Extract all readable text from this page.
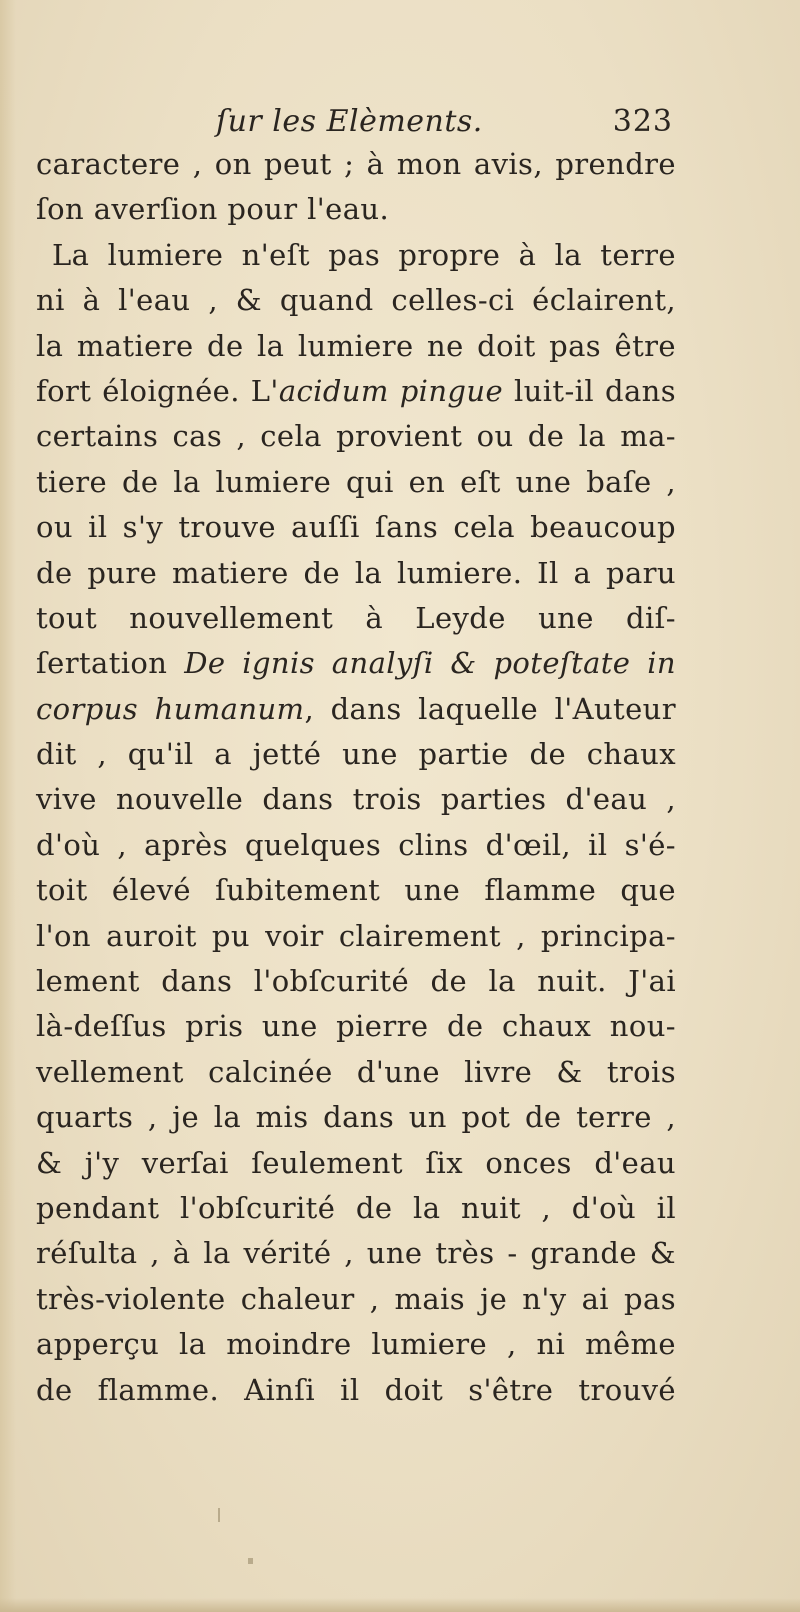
ſur les Elèments.	323
caractere , on peut ; à mon avis, prendre
ſon averſion pour l'eau.
La lumiere n'eſt pas propre à la terre
ni à l'eau , & quand celles-ci éclairent,
la matiere de la lumiere ne doit pas être
fort éloignée. L'acidum pingue luit-il dans
certains cas , cela provient ou de la ma-
tiere de la lumiere qui en eſt une baſe ,
ou il s'y trouve auſſi ſans cela beaucoup
de pure matiere de la lumiere. Il a paru
tout nouvellement à Leyde une diſ-
ſertation De ignis analyſi & poteſtate in
corpus humanum, dans laquelle l'Auteur
dit , qu'il a jetté une partie de chaux
vive nouvelle dans trois parties d'eau ,
d'où , après quelques clins d'œil, il s'é-
toit élevé ſubitement une flamme que
l'on auroit pu voir clairement , principa-
lement dans l'obſcurité de la nuit. J'ai
là-deſſus pris une pierre de chaux nou-
vellement calcinée d'une livre & trois
quarts , je la mis dans un pot de terre ,
& j'y verſai ſeulement ſix onces d'eau
pendant l'obſcurité de la nuit , d'où il
réſulta , à la vérité , une très - grande &
très-violente chaleur , mais je n'y ai pas
apperçu la moindre lumiere , ni même
de flamme. Ainſi il doit s'être trouvé
